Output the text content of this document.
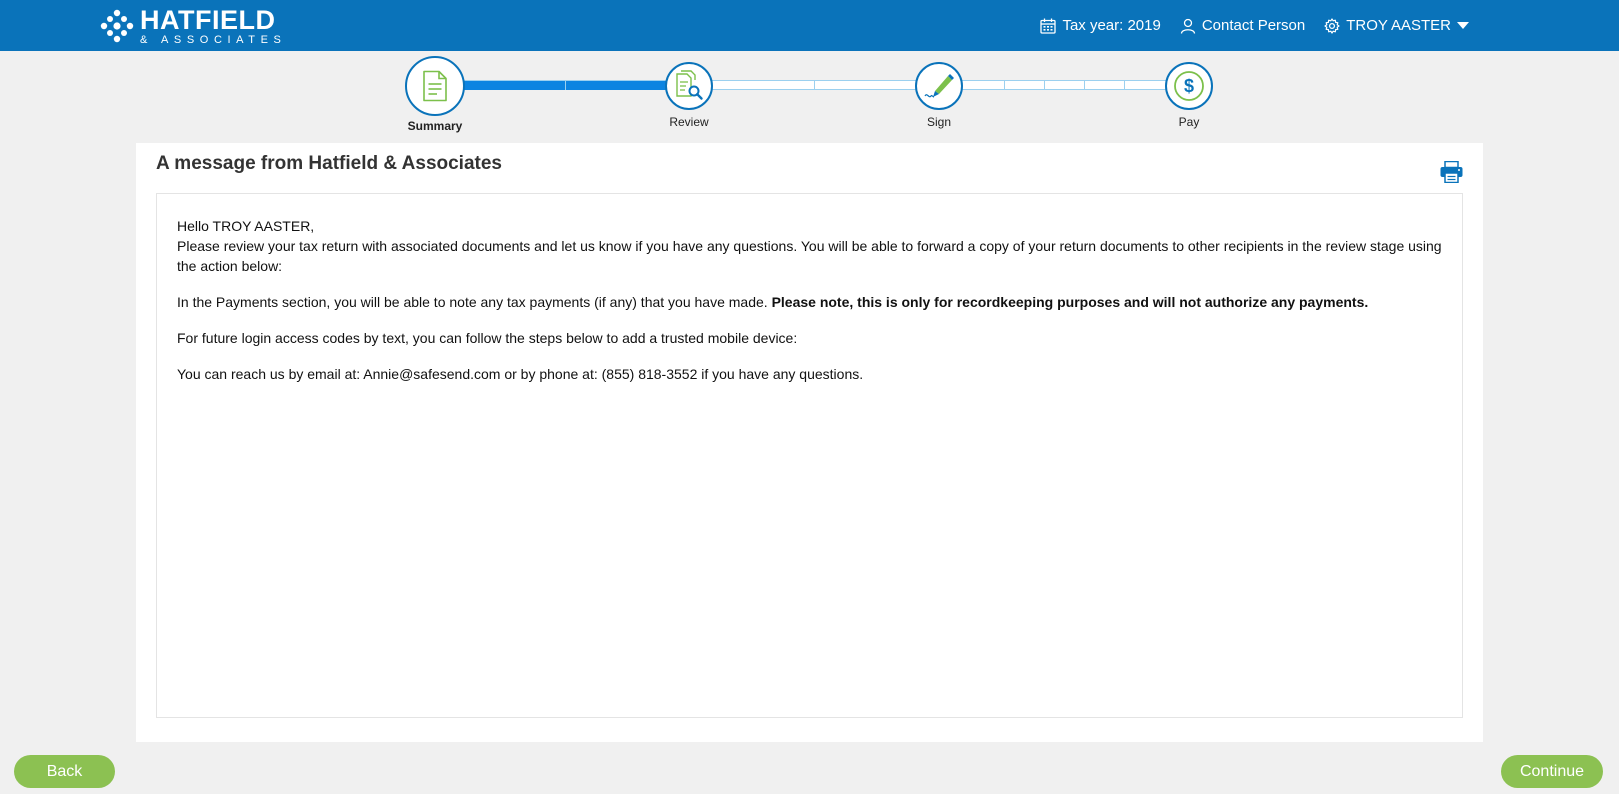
HATFIELD
& ASSOCIATES
Tax year: 2019	Contact Person	TROY AASTER
Summary	Review	Sign
$
Pay
A message from Hatfield & Associates

Hello TROY AASTER,

Please review your tax return with associated documents and let us know if you have any questions. You will be able to forward a copy of your return documents to other recipients in the review stage using the action below:

In the Payments section, you will be able to note any tax payments (if any) that you have made. Please note, this is only for recordkeeping purposes and will not authorize any payments.

For future login access codes by text, you can follow the steps below to add a trusted mobile device:

You can reach us by email at: Annie@safesend.com or by phone at: (855) 818-3552 if you have any questions.

Back	Continue
